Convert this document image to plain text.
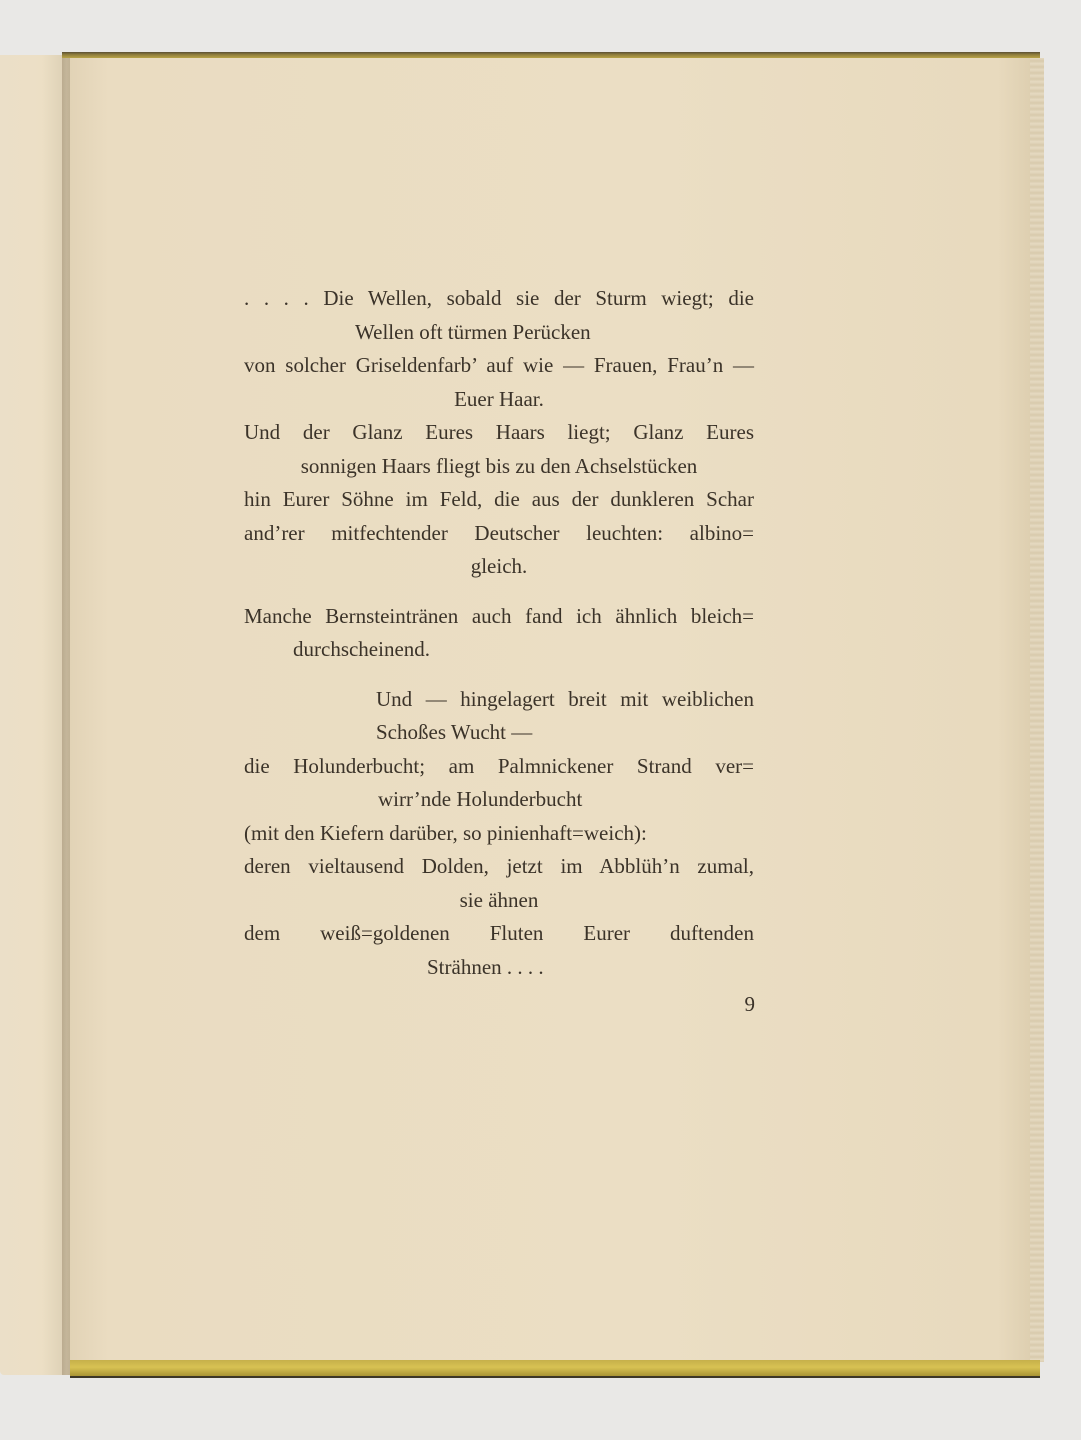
. . . . Die Wellen, sobald sie der Sturm wiegt; die
Wellen oft türmen Perücken
von solcher Griseldenfarb’ auf wie — Frauen, Frau’n —
Euer Haar.
Und der Glanz Eures Haars liegt; Glanz Eures
sonnigen Haars fliegt bis zu den Achselstücken
hin Eurer Söhne im Feld, die aus der dunkleren Schar
and’rer mitfechtender Deutscher leuchten: albino=
gleich.
Manche Bernsteintränen auch fand ich ähnlich bleich=
durchscheinend.
Und — hingelagert breit mit weiblichen
Schoßes Wucht —
die Holunderbucht; am Palmnickener Strand ver=
wirr’nde Holunderbucht
(mit den Kiefern darüber, so pinienhaft=weich):
deren vieltausend Dolden, jetzt im Abblüh’n zumal,
sie ähnen
dem weiß=goldenen Fluten Eurer duftenden
Strähnen . . . .
9
